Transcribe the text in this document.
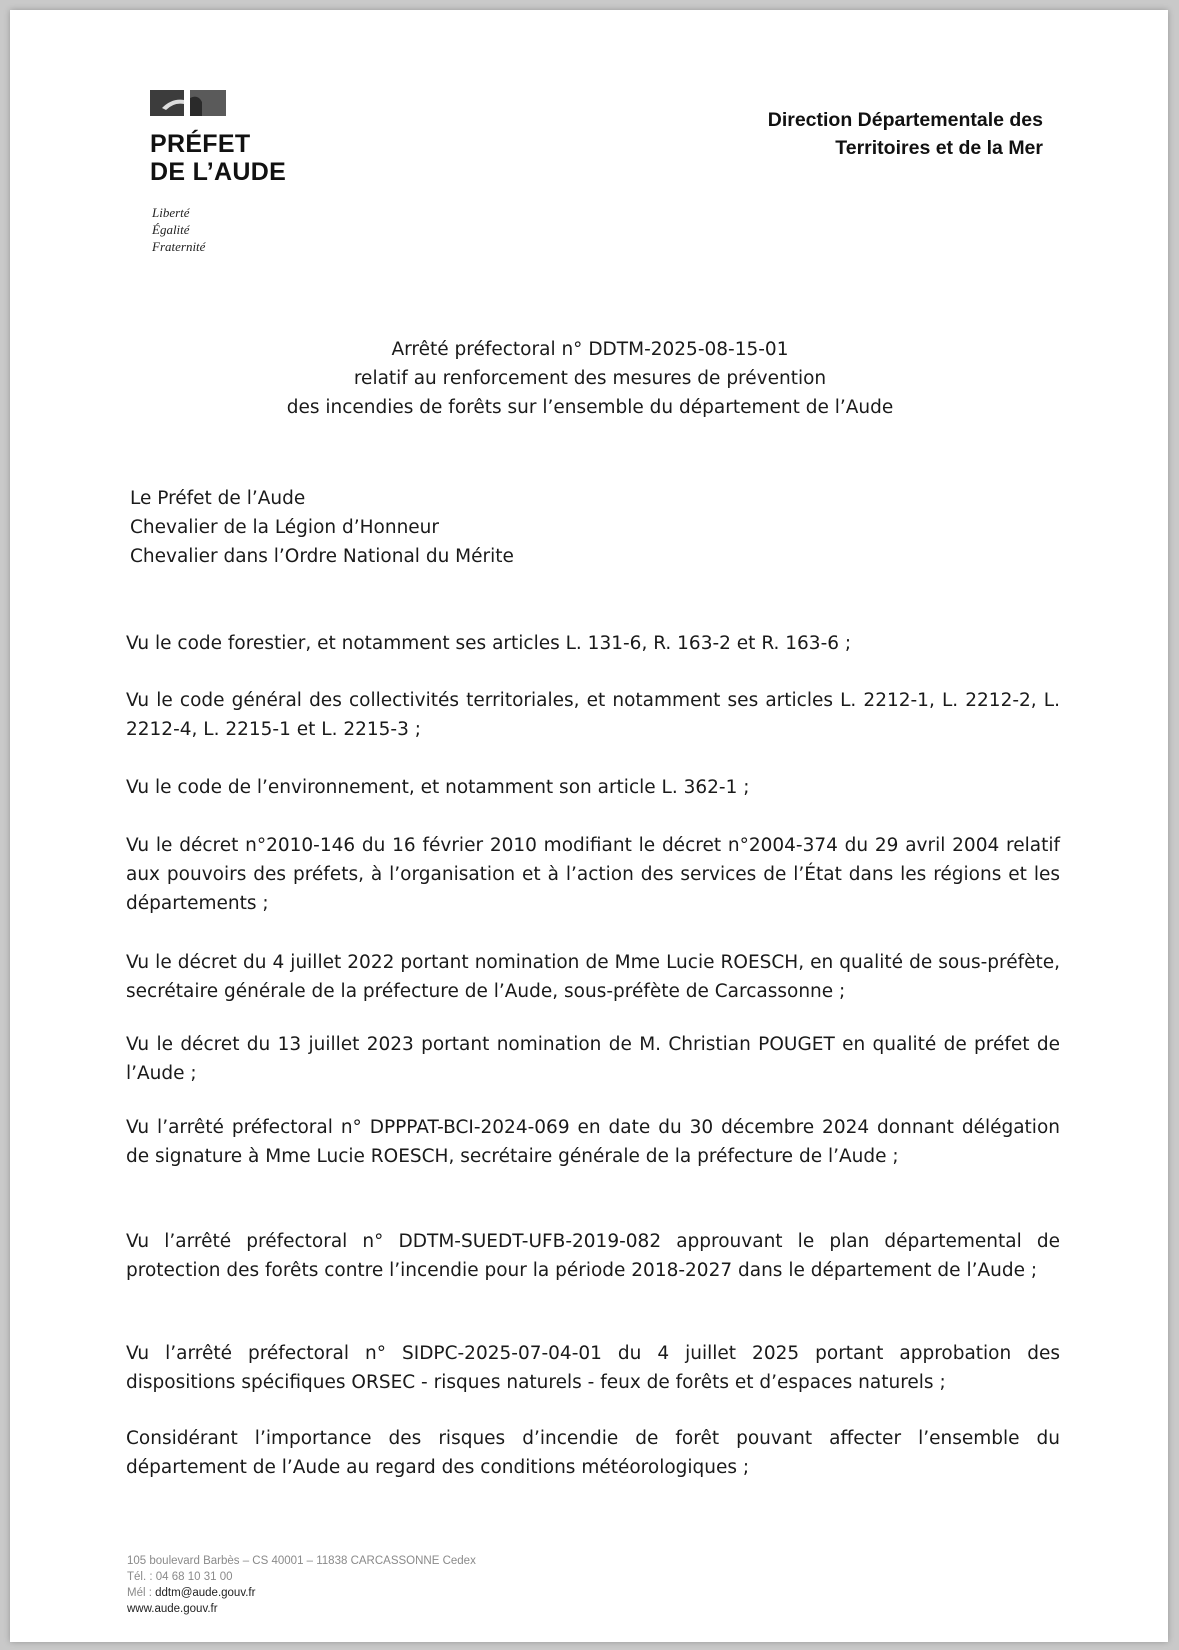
PRÉFET
DE L’AUDE
Liberté
Égalité
Fraternité
Direction Départementale des
Territoires et de la Mer
Arrêté préfectoral n° DDTM-2025-08-15-01
relatif au renforcement des mesures de prévention
des incendies de forêts sur l’ensemble du département de l’Aude
Le Préfet de l’Aude
Chevalier de la Légion d’Honneur
Chevalier dans l’Ordre National du Mérite

Vu le code forestier, et notamment ses articles L. 131-6, R. 163-2 et R. 163-6 ;

Vu le code général des collectivités territoriales, et notamment ses articles L. 2212-1, L. 2212-2, L. 2212-4, L. 2215-1 et L. 2215-3 ;

Vu le code de l’environnement, et notamment son article L. 362-1 ;

Vu le décret n°2010-146 du 16 février 2010 modifiant le décret n°2004-374 du 29 avril 2004 relatif aux pouvoirs des préfets, à l’organisation et à l’action des services de l’État dans les régions et les départements ;

Vu le décret du 4 juillet 2022 portant nomination de Mme Lucie ROESCH, en qualité de sous-préfète, secrétaire générale de la préfecture de l’Aude, sous-préfète de Carcassonne ;

Vu le décret du 13 juillet 2023 portant nomination de M. Christian POUGET en qualité de préfet de l’Aude ;

Vu l’arrêté préfectoral n° DPPPAT-BCI-2024-069 en date du 30 décembre 2024 donnant délégation de signature à Mme Lucie ROESCH, secrétaire générale de la préfecture de l’Aude ;

Vu l’arrêté préfectoral n° DDTM-SUEDT-UFB-2019-082 approuvant le plan départemental de protection des forêts contre l’incendie pour la période 2018-2027 dans le département de l’Aude ;

Vu l’arrêté préfectoral n° SIDPC-2025-07-04-01 du 4 juillet 2025 portant approbation des dispositions spécifiques ORSEC - risques naturels - feux de forêts et d’espaces naturels ;

Considérant l’importance des risques d’incendie de forêt pouvant affecter l’ensemble du département de l’Aude au regard des conditions météorologiques ;

105 boulevard Barbès – CS 40001 – 11838 CARCASSONNE Cedex
Tél. : 04 68 10 31 00
Mél : ddtm@aude.gouv.fr
www.aude.gouv.fr
